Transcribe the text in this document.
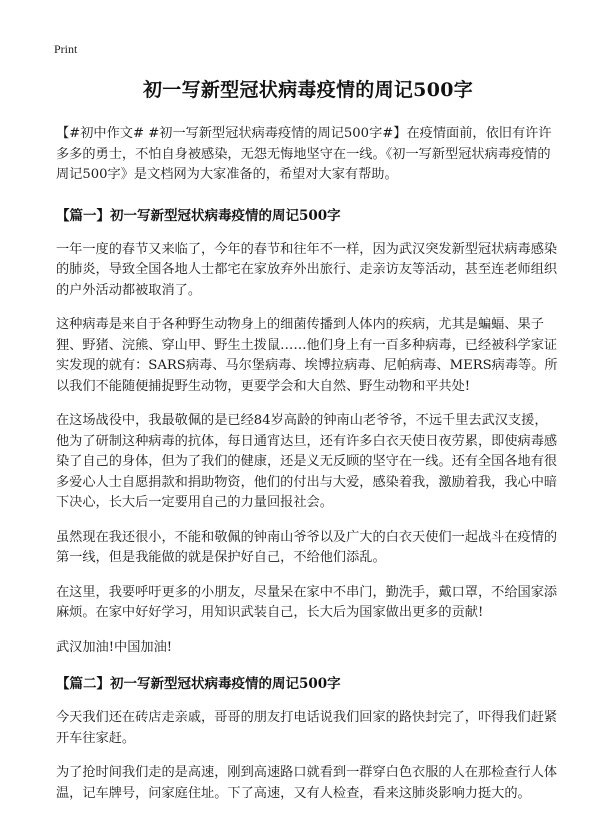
Print
初一写新型冠状病毒疫情的周记500字

【#初中作文# #初一写新型冠状病毒疫情的周记500字#】在疫情面前，依旧有许许多多的勇士，不怕自身被感染，无怨无悔地坚守在一线。《初一写新型冠状病毒疫情的周记500字》是文档网为大家准备的，希望对大家有帮助。

【篇一】初一写新型冠状病毒疫情的周记500字

一年一度的春节又来临了，今年的春节和往年不一样，因为武汉突发新型冠状病毒感染的肺炎，导致全国各地人士都宅在家放弃外出旅行、走亲访友等活动，甚至连老师组织的户外活动都被取消了。

这种病毒是来自于各种野生动物身上的细菌传播到人体内的疾病，尤其是蝙蝠、果子狸、野猪、浣熊、穿山甲、野生土拨鼠……他们身上有一百多种病毒，已经被科学家证实发现的就有：SARS病毒、马尔堡病毒、埃博拉病毒、尼帕病毒、MERS病毒等。所以我们不能随便捕捉野生动物，更要学会和大自然、野生动物和平共处!

在这场战役中，我最敬佩的是已经84岁高龄的钟南山老爷爷，不远千里去武汉支援，他为了研制这种病毒的抗体，每日通宵达旦，还有许多白衣天使日夜劳累，即使病毒感染了自己的身体，但为了我们的健康，还是义无反顾的坚守在一线。还有全国各地有很多爱心人士自愿捐款和捐助物资，他们的付出与大爱，感染着我，激励着我，我心中暗下决心，长大后一定要用自己的力量回报社会。

虽然现在我还很小，不能和敬佩的钟南山爷爷以及广大的白衣天使们一起战斗在疫情的第一线，但是我能做的就是保护好自己，不给他们添乱。

在这里，我要呼吁更多的小朋友，尽量呆在家中不串门，勤洗手，戴口罩，不给国家添麻烦。在家中好好学习，用知识武装自己，长大后为国家做出更多的贡献!

武汉加油!中国加油!

【篇二】初一写新型冠状病毒疫情的周记500字

今天我们还在砖店走亲戚，哥哥的朋友打电话说我们回家的路快封完了，吓得我们赶紧开车往家赶。

为了抢时间我们走的是高速，刚到高速路口就看到一群穿白色衣服的人在那检查行人体温，记车牌号，问家庭住址。下了高速，又有人检查，看来这肺炎影响力挺大的。
